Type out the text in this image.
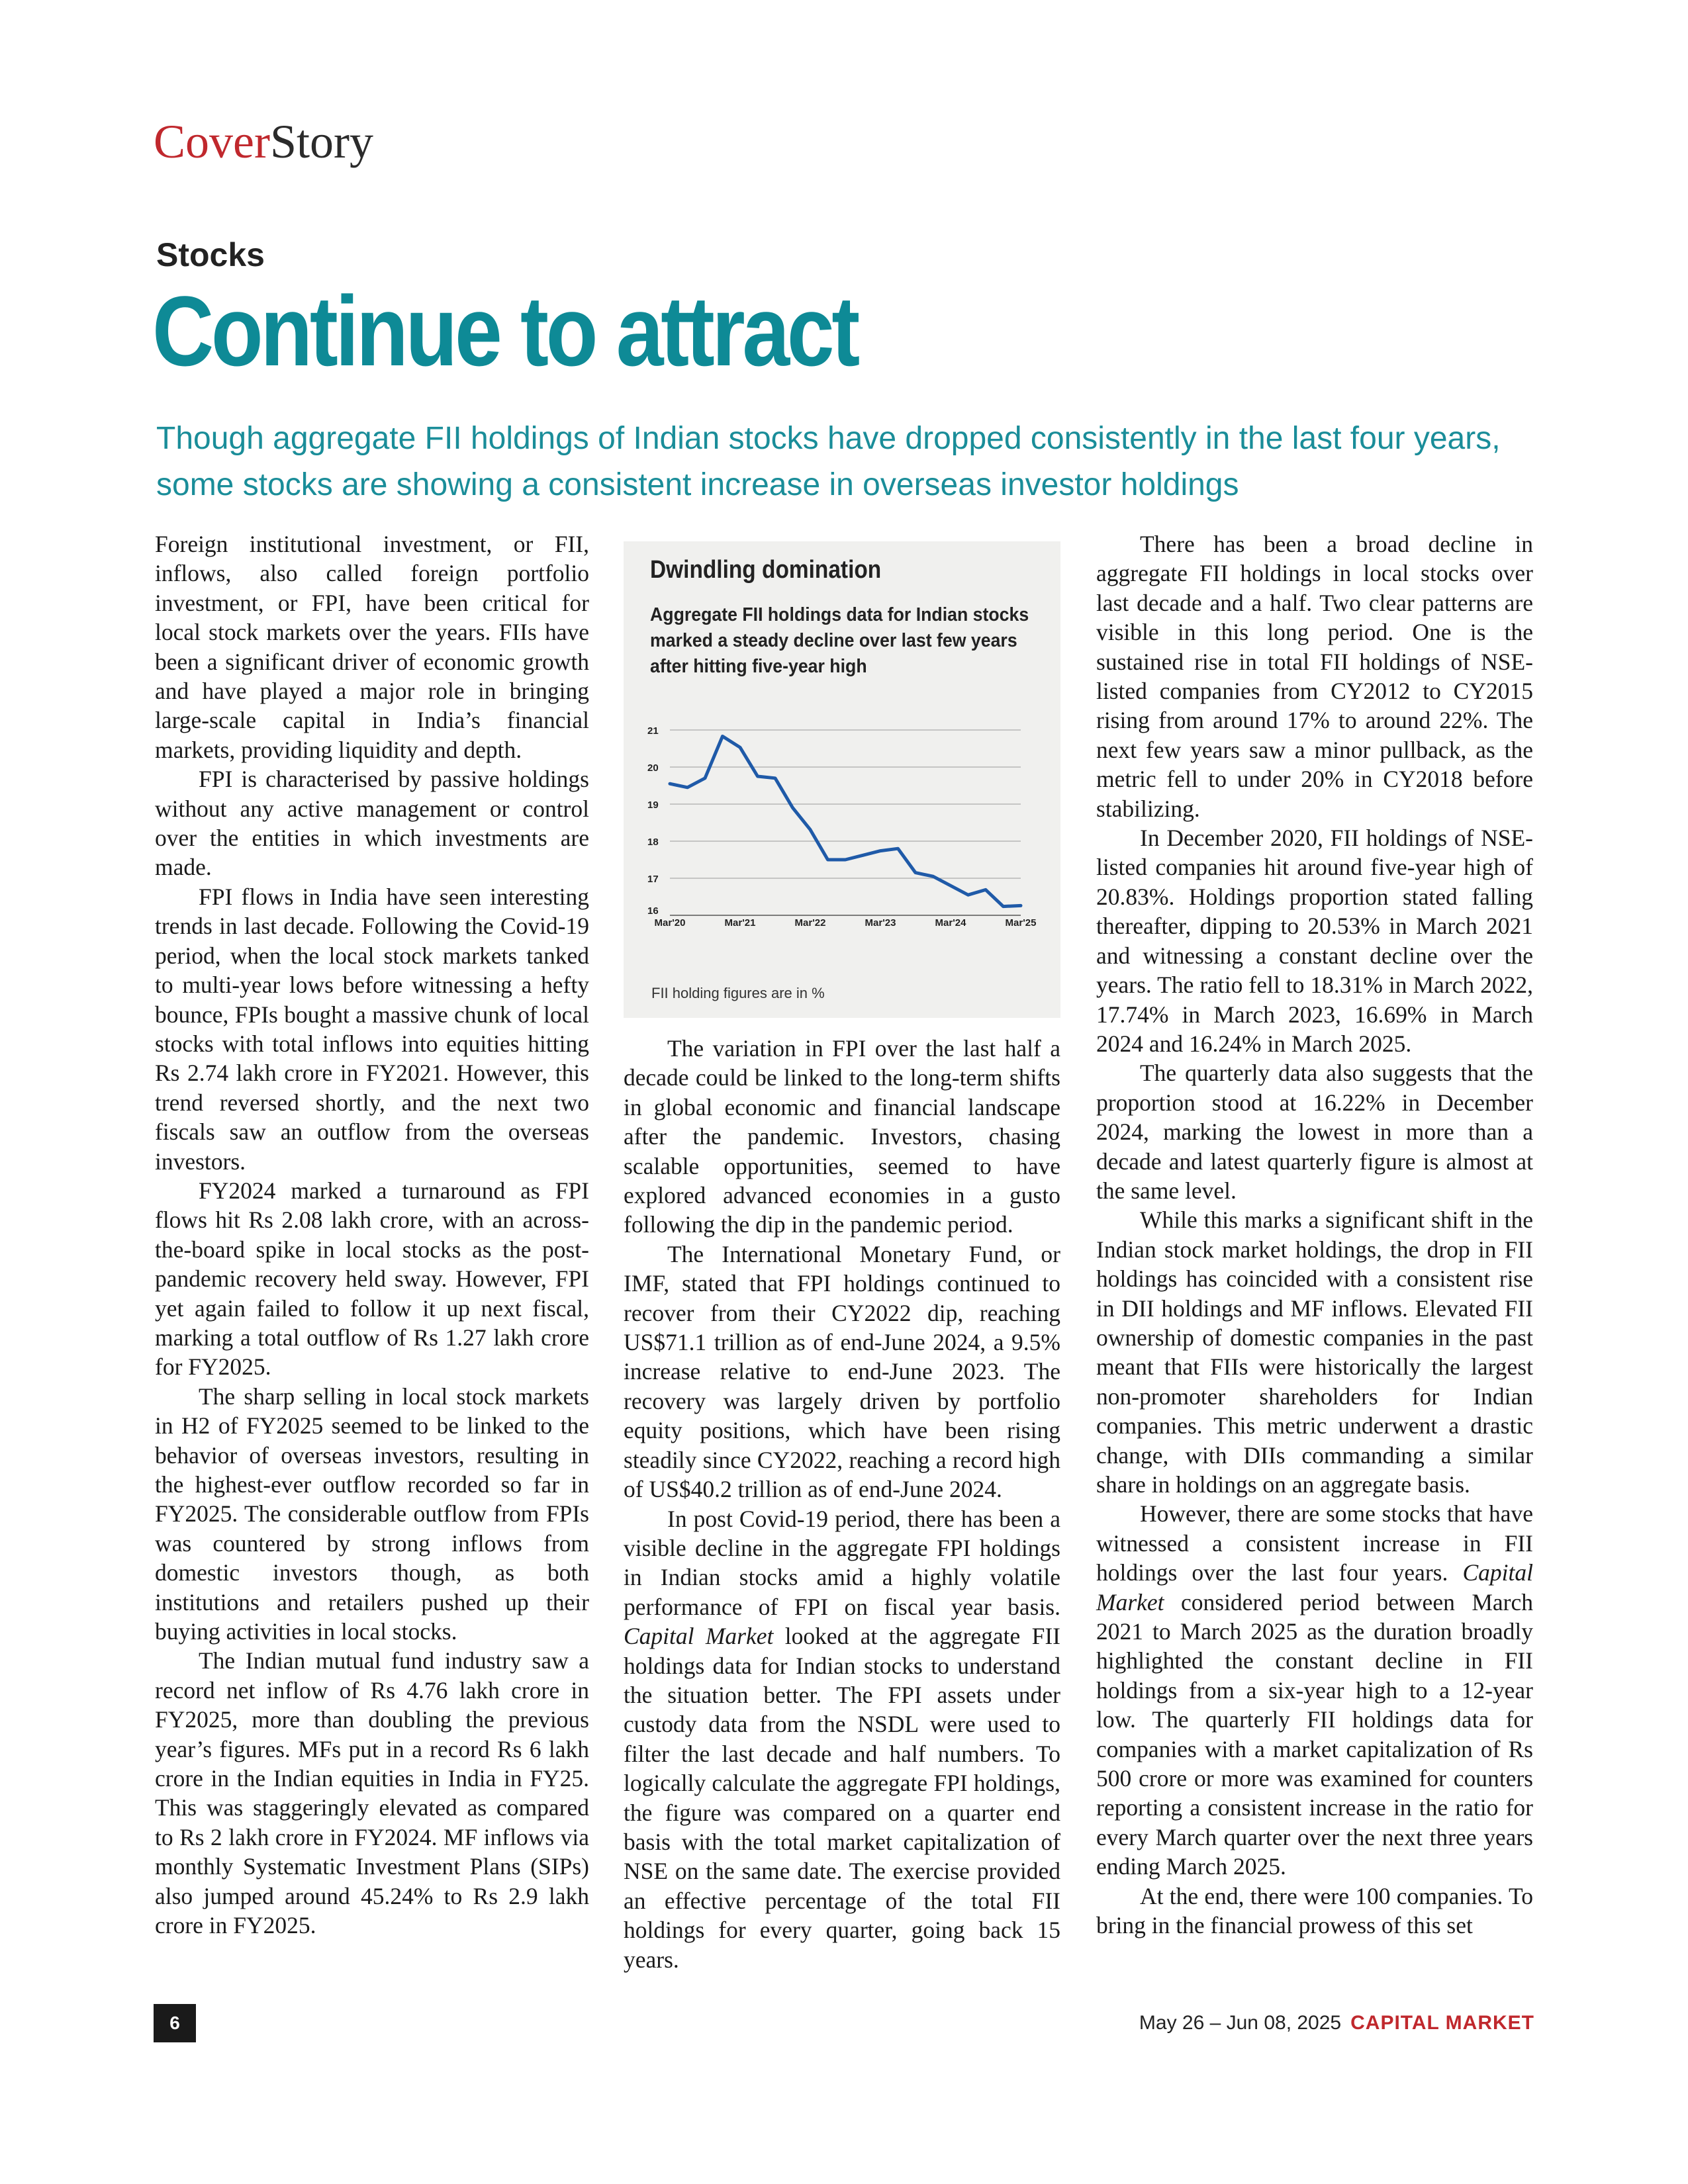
CoverStory
Stocks
Continue to attract
Though aggregate FII holdings of Indian stocks have dropped consistently in the last four years, some stocks are showing a consistent increase in overseas investor holdings

Foreign institutional investment, or FII, inflows, also called foreign portfolio investment, or FPI, have been critical for local stock markets over the years. FIIs have been a significant driver of economic growth and have played a major role in bringing large-scale capital in India’s financial markets, providing liquidity and depth.

FPI is characterised by passive holdings without any active management or control over the entities in which investments are made.

FPI flows in India have seen interesting trends in last decade. Following the Covid-19 period, when the local stock markets tanked to multi-year lows before witnessing a hefty bounce, FPIs bought a massive chunk of local stocks with total inflows into equities hitting Rs 2.74 lakh crore in FY2021. However, this trend reversed shortly, and the next two fiscals saw an outflow from the overseas investors.

FY2024 marked a turnaround as FPI flows hit Rs 2.08 lakh crore, with an across-the-board spike in local stocks as the post-pandemic recovery held sway. However, FPI yet again failed to follow it up next fiscal, marking a total outflow of Rs 1.27 lakh crore for FY2025.

The sharp selling in local stock markets in H2 of FY2025 seemed to be linked to the behavior of overseas investors, resulting in the highest-ever outflow recorded so far in FY2025. The considerable outflow from FPIs was countered by strong inflows from domestic investors though, as both institutions and retailers pushed up their buying activities in local stocks.

The Indian mutual fund industry saw a record net inflow of Rs 4.76 lakh crore in FY2025, more than doubling the previous year’s figures. MFs put in a record Rs 6 lakh crore in the Indian equities in India in FY25. This was staggeringly elevated as compared to Rs 2 lakh crore in FY2024. MF inflows via monthly Systematic Investment Plans (SIPs) also jumped around 45.24% to Rs 2.9 lakh crore in FY2025.

Dwindling domination
Aggregate FII holdings data for Indian stocks marked a steady decline over last few years after hitting five-year high
21
20
19
18
17
16
Mar'20	Mar'21	Mar'22	Mar'23	Mar'24	Mar'25
FII holding figures are in %

The variation in FPI over the last half a decade could be linked to the long-term shifts in global economic and financial landscape after the pandemic. Investors, chasing scalable opportunities, seemed to have explored advanced economies in a gusto following the dip in the pandemic period.

The International Monetary Fund, or IMF, stated that FPI holdings continued to recover from their CY2022 dip, reaching US$71.1 trillion as of end-June 2024, a 9.5% increase relative to end-June 2023. The recovery was largely driven by portfolio equity positions, which have been rising steadily since CY2022, reaching a record high of US$40.2 trillion as of end-June 2024.

In post Covid-19 period, there has been a visible decline in the aggregate FPI holdings in Indian stocks amid a highly volatile performance of FPI on fiscal year basis. Capital Market looked at the aggregate FII holdings data for Indian stocks to understand the situation better. The FPI assets under custody data from the NSDL were used to filter the last decade and half numbers. To logically calculate the aggregate FPI holdings, the figure was compared on a quarter end basis with the total market capitalization of NSE on the same date. The exercise provided an effective percentage of the total FII holdings for every quarter, going back 15 years.

There has been a broad decline in aggregate FII holdings in local stocks over last decade and a half. Two clear patterns are visible in this long period. One is the sustained rise in total FII holdings of NSE-listed companies from CY2012 to CY2015 rising from around 17% to around 22%. The next few years saw a minor pullback, as the metric fell to under 20% in CY2018 before stabilizing.

In December 2020, FII holdings of NSE-listed companies hit around five-year high of 20.83%. Holdings proportion stated falling thereafter, dipping to 20.53% in March 2021 and witnessing a constant decline over the years. The ratio fell to 18.31% in March 2022, 17.74% in March 2023, 16.69% in March 2024 and 16.24% in March 2025.

The quarterly data also suggests that the proportion stood at 16.22% in December 2024, marking the lowest in more than a decade and latest quarterly figure is almost at the same level.

While this marks a significant shift in the Indian stock market holdings, the drop in FII holdings has coincided with a consistent rise in DII holdings and MF inflows. Elevated FII ownership of domestic companies in the past meant that FIIs were historically the largest non-promoter shareholders for Indian companies. This metric underwent a drastic change, with DIIs commanding a similar share in holdings on an aggregate basis.

However, there are some stocks that have witnessed a consistent increase in FII holdings over the last four years. Capital Market considered period between March 2021 to March 2025 as the duration broadly highlighted the constant decline in FII holdings from a six-year high to a 12-year low. The quarterly FII holdings data for companies with a market capitalization of Rs 500 crore or more was examined for counters reporting a consistent increase in the ratio for every March quarter over the next three years ending March 2025.

At the end, there were 100 companies. To bring in the financial prowess of this set

6	May 26 – Jun 08, 2025 CAPITAL MARKET
